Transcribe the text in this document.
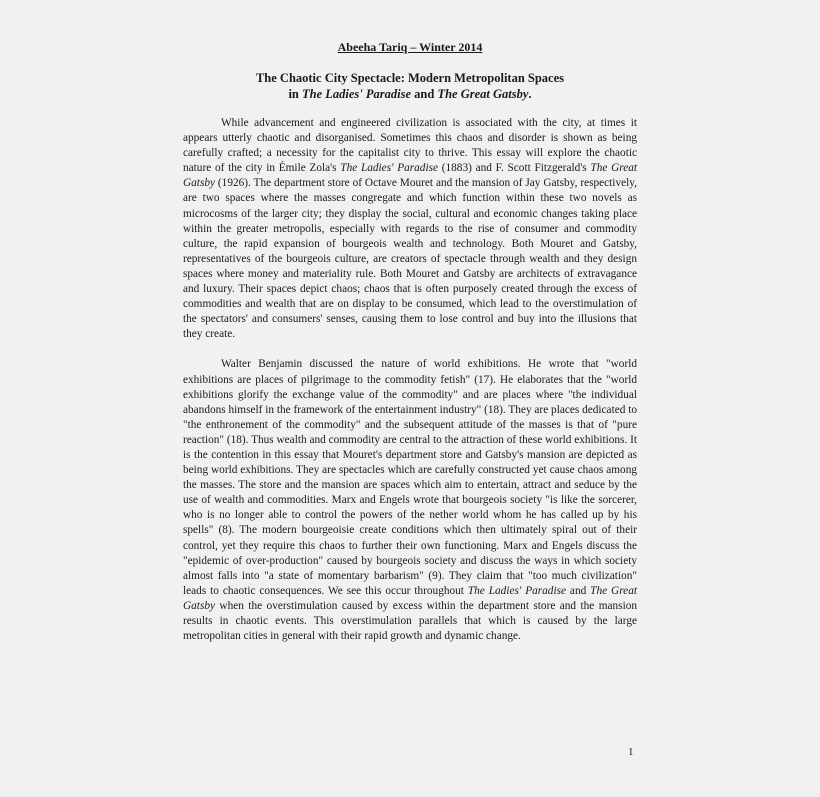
Abeeha Tariq – Winter 2014
The Chaotic City Spectacle: Modern Metropolitan Spaces
in The Ladies' Paradise and The Great Gatsby.

While advancement and engineered civilization is associated with the city, at times it appears utterly chaotic and disorganised. Sometimes this chaos and disorder is shown as being carefully crafted; a necessity for the capitalist city to thrive. This essay will explore the chaotic nature of the city in Émile Zola's The Ladies' Paradise (1883) and F. Scott Fitzgerald's The Great Gatsby (1926). The department store of Octave Mouret and the mansion of Jay Gatsby, respectively, are two spaces where the masses congregate and which function within these two novels as microcosms of the larger city; they display the social, cultural and economic changes taking place within the greater metropolis, especially with regards to the rise of consumer and commodity culture, the rapid expansion of bourgeois wealth and technology. Both Mouret and Gatsby, representatives of the bourgeois culture, are creators of spectacle through wealth and they design spaces where money and materiality rule. Both Mouret and Gatsby are architects of extravagance and luxury. Their spaces depict chaos; chaos that is often purposely created through the excess of commodities and wealth that are on display to be consumed, which lead to the overstimulation of the spectators' and consumers' senses, causing them to lose control and buy into the illusions that they create.

Walter Benjamin discussed the nature of world exhibitions. He wrote that "world exhibitions are places of pilgrimage to the commodity fetish" (17). He elaborates that the "world exhibitions glorify the exchange value of the commodity" and are places where "the individual abandons himself in the framework of the entertainment industry" (18). They are places dedicated to "the enthronement of the commodity" and the subsequent attitude of the masses is that of "pure reaction" (18). Thus wealth and commodity are central to the attraction of these world exhibitions. It is the contention in this essay that Mouret's department store and Gatsby's mansion are depicted as being world exhibitions. They are spectacles which are carefully constructed yet cause chaos among the masses. The store and the mansion are spaces which aim to entertain, attract and seduce by the use of wealth and commodities. Marx and Engels wrote that bourgeois society "is like the sorcerer, who is no longer able to control the powers of the nether world whom he has called up by his spells" (8). The modern bourgeoisie create conditions which then ultimately spiral out of their control, yet they require this chaos to further their own functioning. Marx and Engels discuss the "epidemic of over-production" caused by bourgeois society and discuss the ways in which society almost falls into "a state of momentary barbarism" (9). They claim that "too much civilization" leads to chaotic consequences. We see this occur throughout The Ladies' Paradise and The Great Gatsby when the overstimulation caused by excess within the department store and the mansion results in chaotic events. This overstimulation parallels that which is caused by the large metropolitan cities in general with their rapid growth and dynamic change.

1
